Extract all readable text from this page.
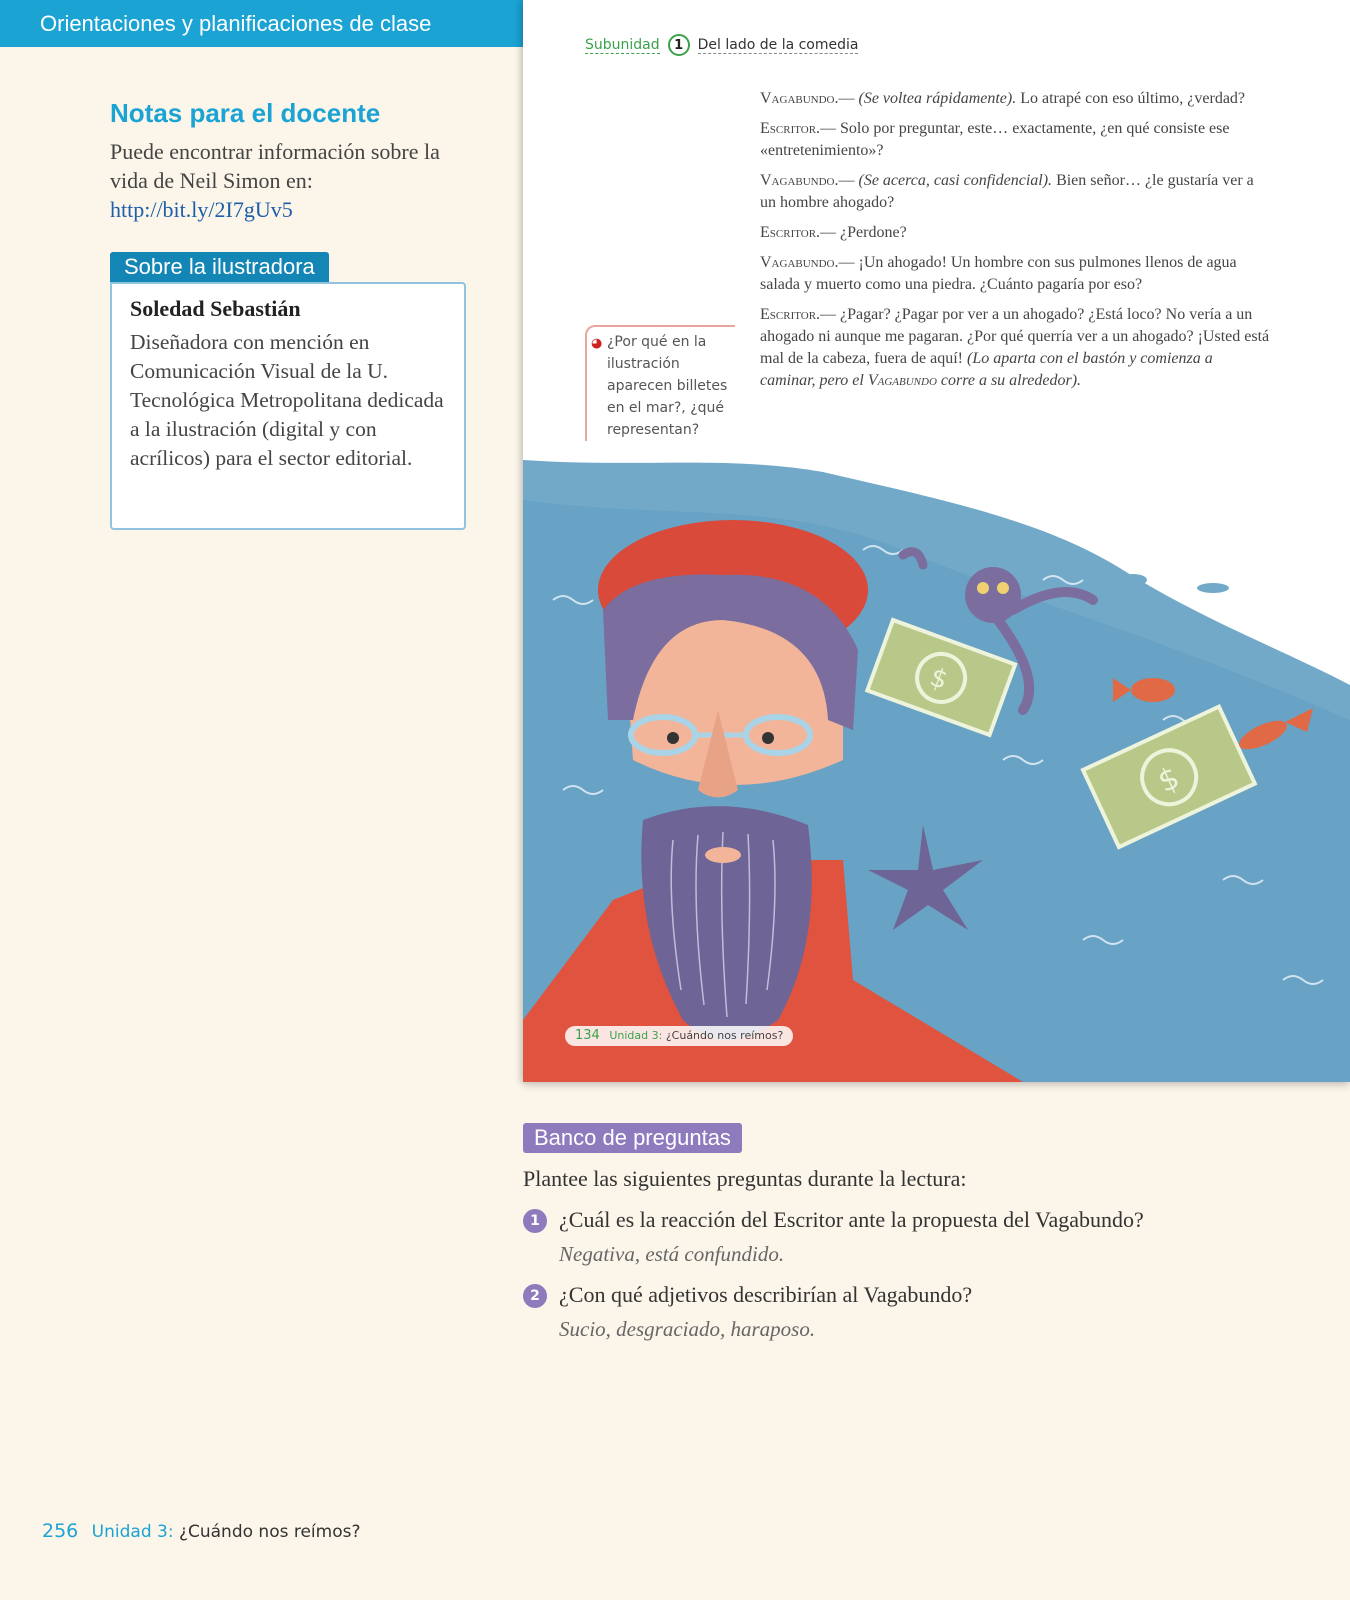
Orientaciones y planificaciones de clase
Notas para el docente
Puede encontrar información sobre la vida de Neil Simon en:
http://bit.ly/2I7gUv5
Sobre la ilustradora
Soledad Sebastián
Diseñadora con mención en Comunicación Visual de la U. Tecnológica Metropolitana dedicada a la ilustración (digital y con acrílicos) para el sector editorial.
256 Unidad 3: ¿Cuándo nos reímos?
Subunidad	1	Del lado de la comedia

Vagabundo.— (Se voltea rápidamente). Lo atrapé con eso último, ¿verdad?

Escritor.— Solo por preguntar, este… exactamente, ¿en qué consiste ese «entretenimiento»?

Vagabundo.— (Se acerca, casi confidencial). Bien señor… ¿le gustaría ver a un hombre ahogado?

Escritor.— ¿Perdone?

Vagabundo.— ¡Un ahogado! Un hombre con sus pulmones llenos de agua salada y muerto como una piedra. ¿Cuánto pagaría por eso?

Escritor.— ¿Pagar? ¿Pagar por ver a un ahogado? ¿Está loco? No vería a un ahogado ni aunque me pagaran. ¿Por qué querría ver a un ahogado? ¡Usted está mal de la cabeza, fuera de aquí! (Lo aparta con el bastón y comienza a caminar, pero el Vagabundo corre a su alrededor).

◕ ¿Por qué en la ilustración aparecen billetes en el mar?, ¿qué representan?
$
$
134 Unidad 3: ¿Cuándo nos reímos?
Banco de preguntas
Plantee las siguientes preguntas durante la lectura:
1 ¿Cuál es la reacción del Escritor ante la propuesta del Vagabundo?
Negativa, está confundido.
2 ¿Con qué adjetivos describirían al Vagabundo?
Sucio, desgraciado, haraposo.
